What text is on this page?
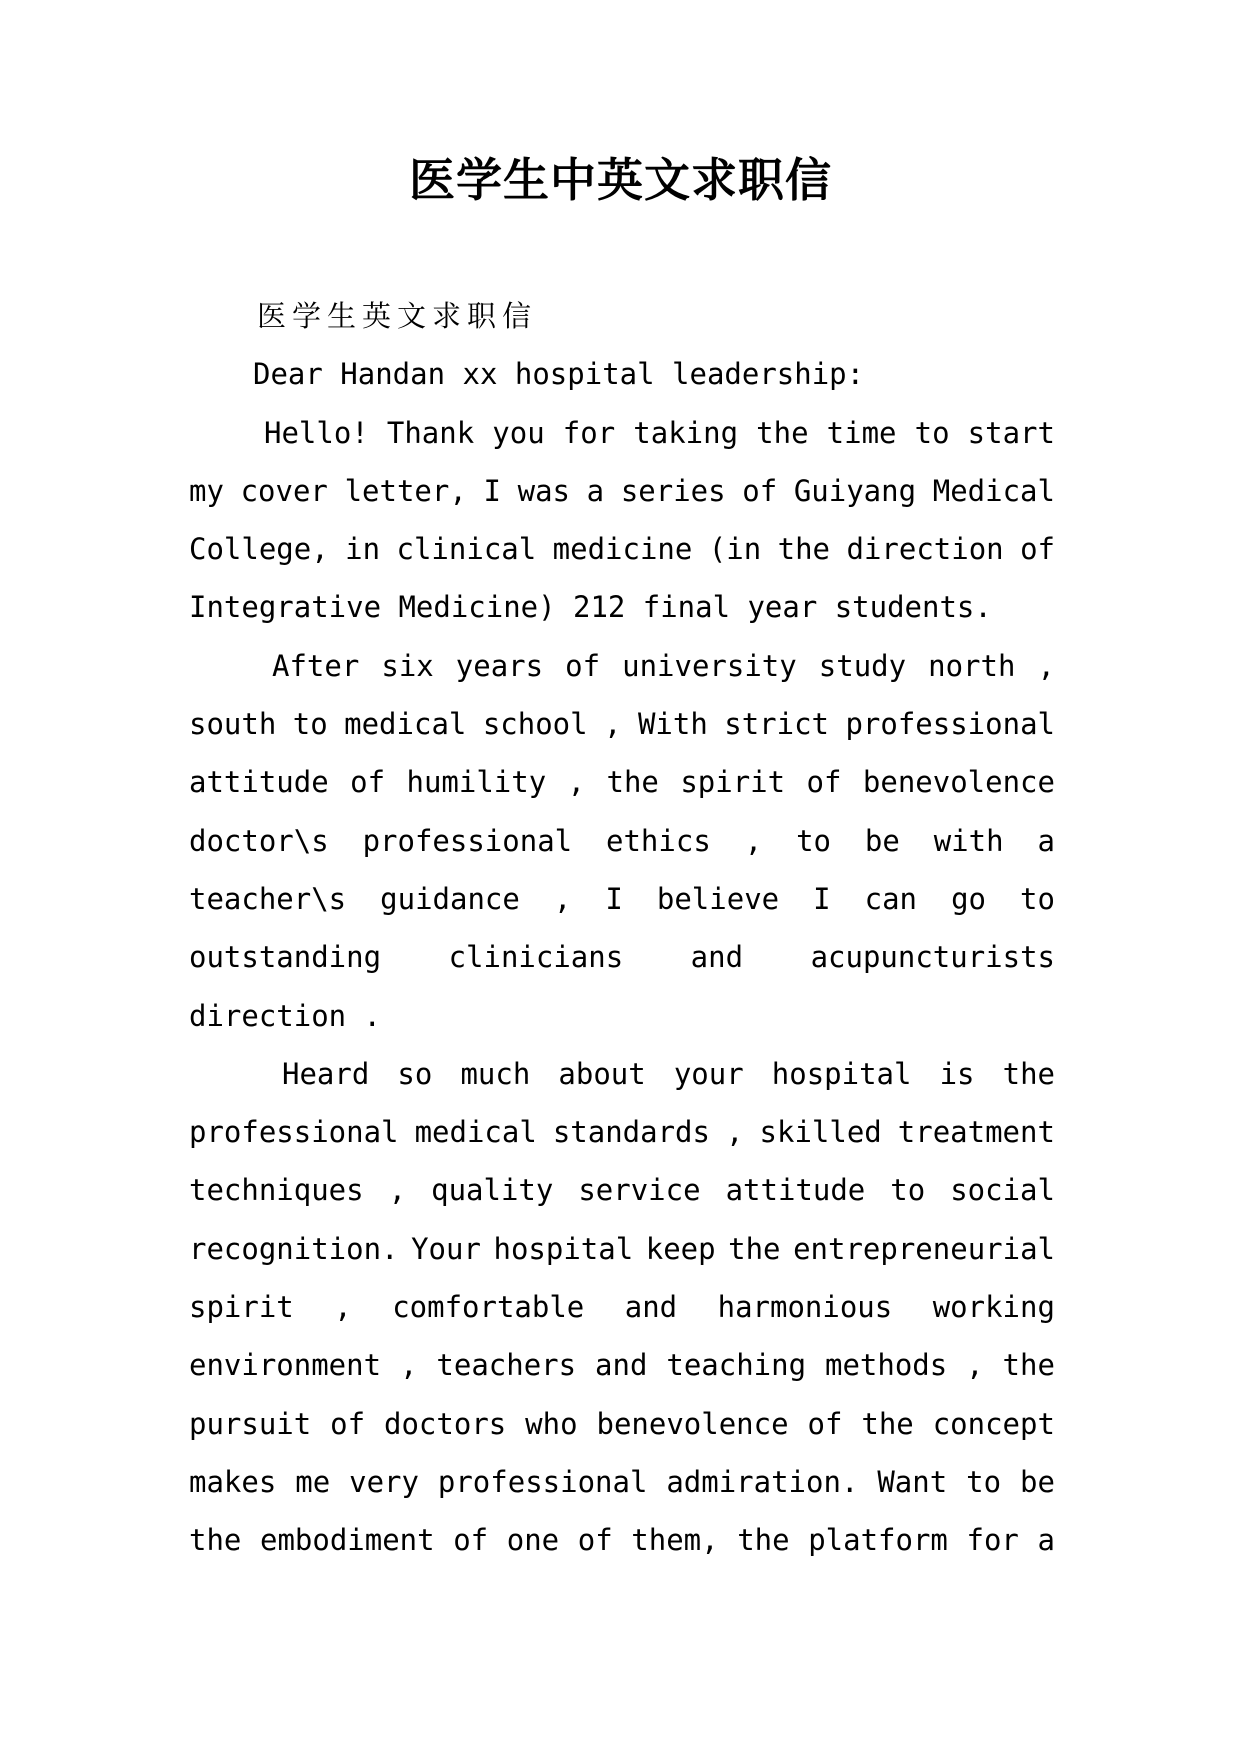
医学生中英文求职信

医学生英文求职信

Dear Handan xx hospital leadership:

Hello! Thank you for taking the time to start
my cover letter, I was a series of Guiyang Medical
College, in clinical medicine (in the direction of
Integrative Medicine) 212 final year students.
After six years of university study north ,
south to medical school , With strict professional
attitude of humility , the spirit of benevolence
doctor\s professional ethics , to be with a
teacher\s guidance , I believe I can go to
outstanding clinicians and acupuncturists
direction .
Heard so much about your hospital is the
professional medical standards , skilled treatment
techniques , quality service attitude to social
recognition. Your hospital keep the entrepreneurial
spirit , comfortable and harmonious working
environment , teachers and teaching methods , the
pursuit of doctors who benevolence of the concept
makes me very professional admiration. Want to be
the embodiment of one of them, the platform for a
